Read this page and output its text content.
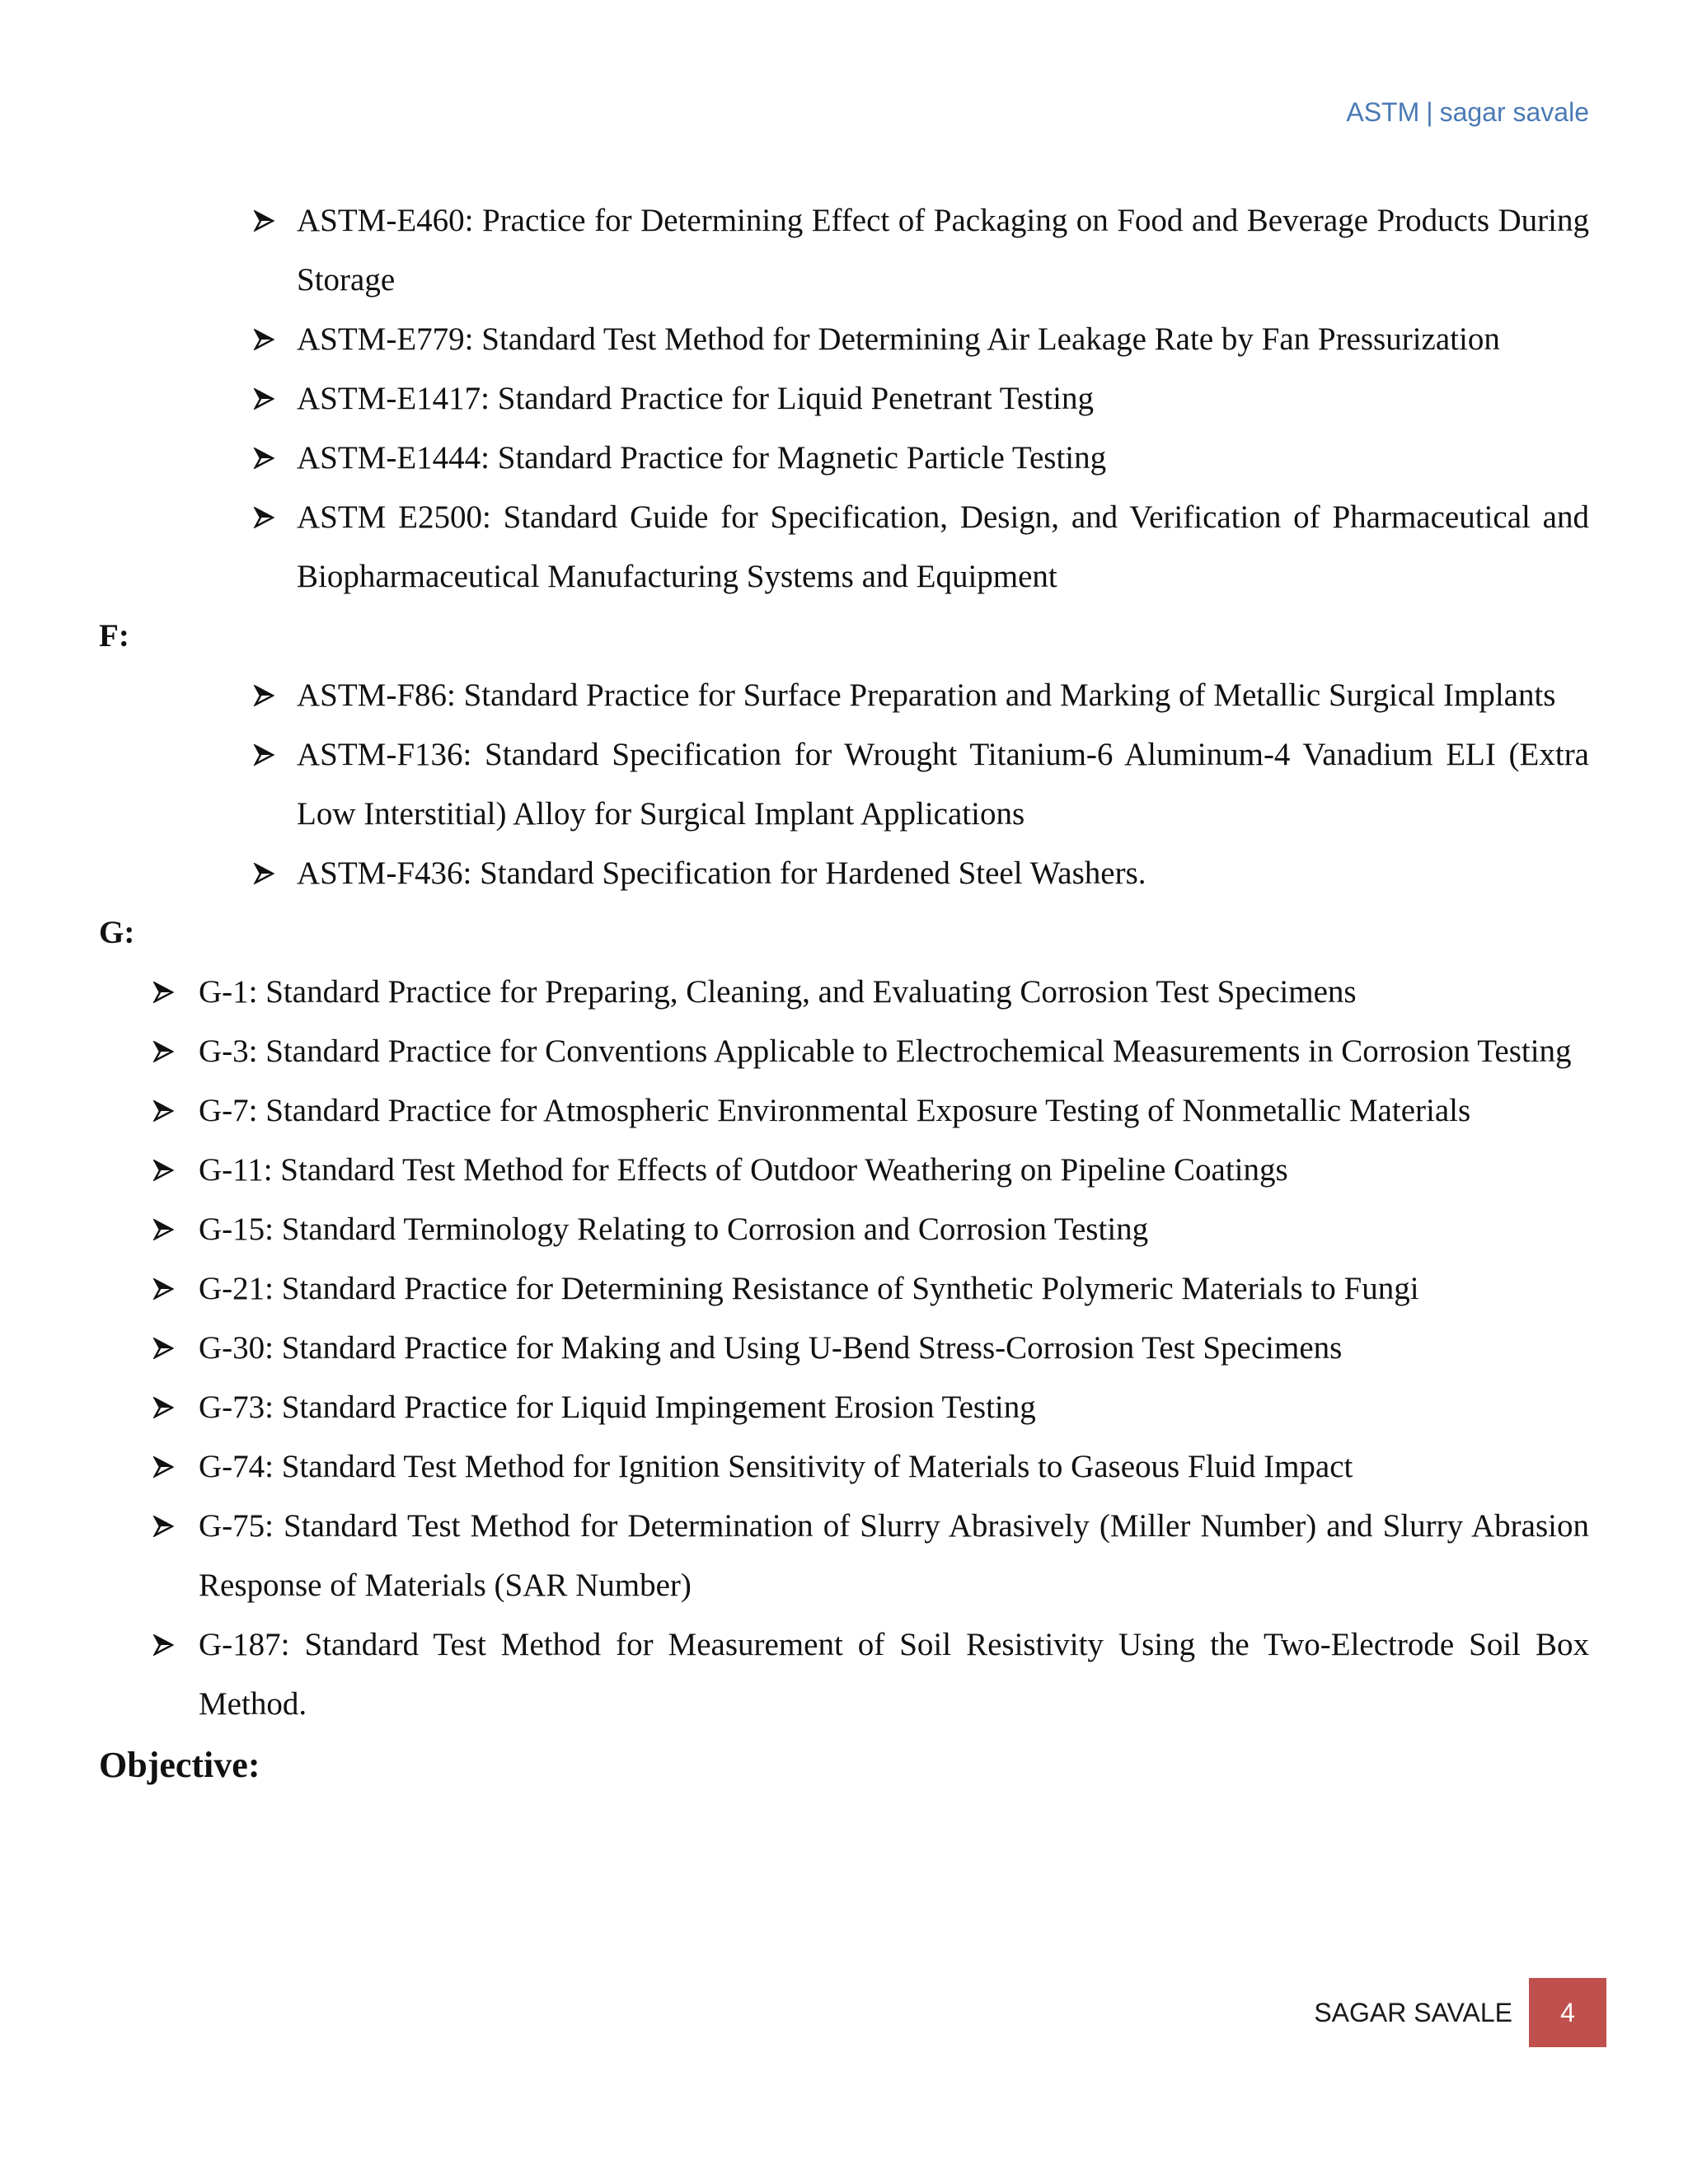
ASTM | sagar savale
ASTM-E460: Practice for Determining Effect of Packaging on Food and Beverage Products During Storage
ASTM-E779: Standard Test Method for Determining Air Leakage Rate by Fan Pressurization
ASTM-E1417: Standard Practice for Liquid Penetrant Testing
ASTM-E1444: Standard Practice for Magnetic Particle Testing
ASTM E2500: Standard Guide for Specification, Design, and Verification of Pharmaceutical and Biopharmaceutical Manufacturing Systems and Equipment
F:
ASTM-F86: Standard Practice for Surface Preparation and Marking of Metallic Surgical Implants
ASTM-F136: Standard Specification for Wrought Titanium-6 Aluminum-4 Vanadium ELI (Extra Low Interstitial) Alloy for Surgical Implant Applications
ASTM-F436: Standard Specification for Hardened Steel Washers.
G:
G-1: Standard Practice for Preparing, Cleaning, and Evaluating Corrosion Test Specimens
G-3: Standard Practice for Conventions Applicable to Electrochemical Measurements in Corrosion Testing
G-7: Standard Practice for Atmospheric Environmental Exposure Testing of Nonmetallic Materials
G-11: Standard Test Method for Effects of Outdoor Weathering on Pipeline Coatings
G-15: Standard Terminology Relating to Corrosion and Corrosion Testing
G-21: Standard Practice for Determining Resistance of Synthetic Polymeric Materials to Fungi
G-30: Standard Practice for Making and Using U-Bend Stress-Corrosion Test Specimens
G-73: Standard Practice for Liquid Impingement Erosion Testing
G-74: Standard Test Method for Ignition Sensitivity of Materials to Gaseous Fluid Impact
G-75: Standard Test Method for Determination of Slurry Abrasively (Miller Number) and Slurry Abrasion Response of Materials (SAR Number)
G-187: Standard Test Method for Measurement of Soil Resistivity Using the Two-Electrode Soil Box Method.
Objective:
SAGAR SAVALE	4
